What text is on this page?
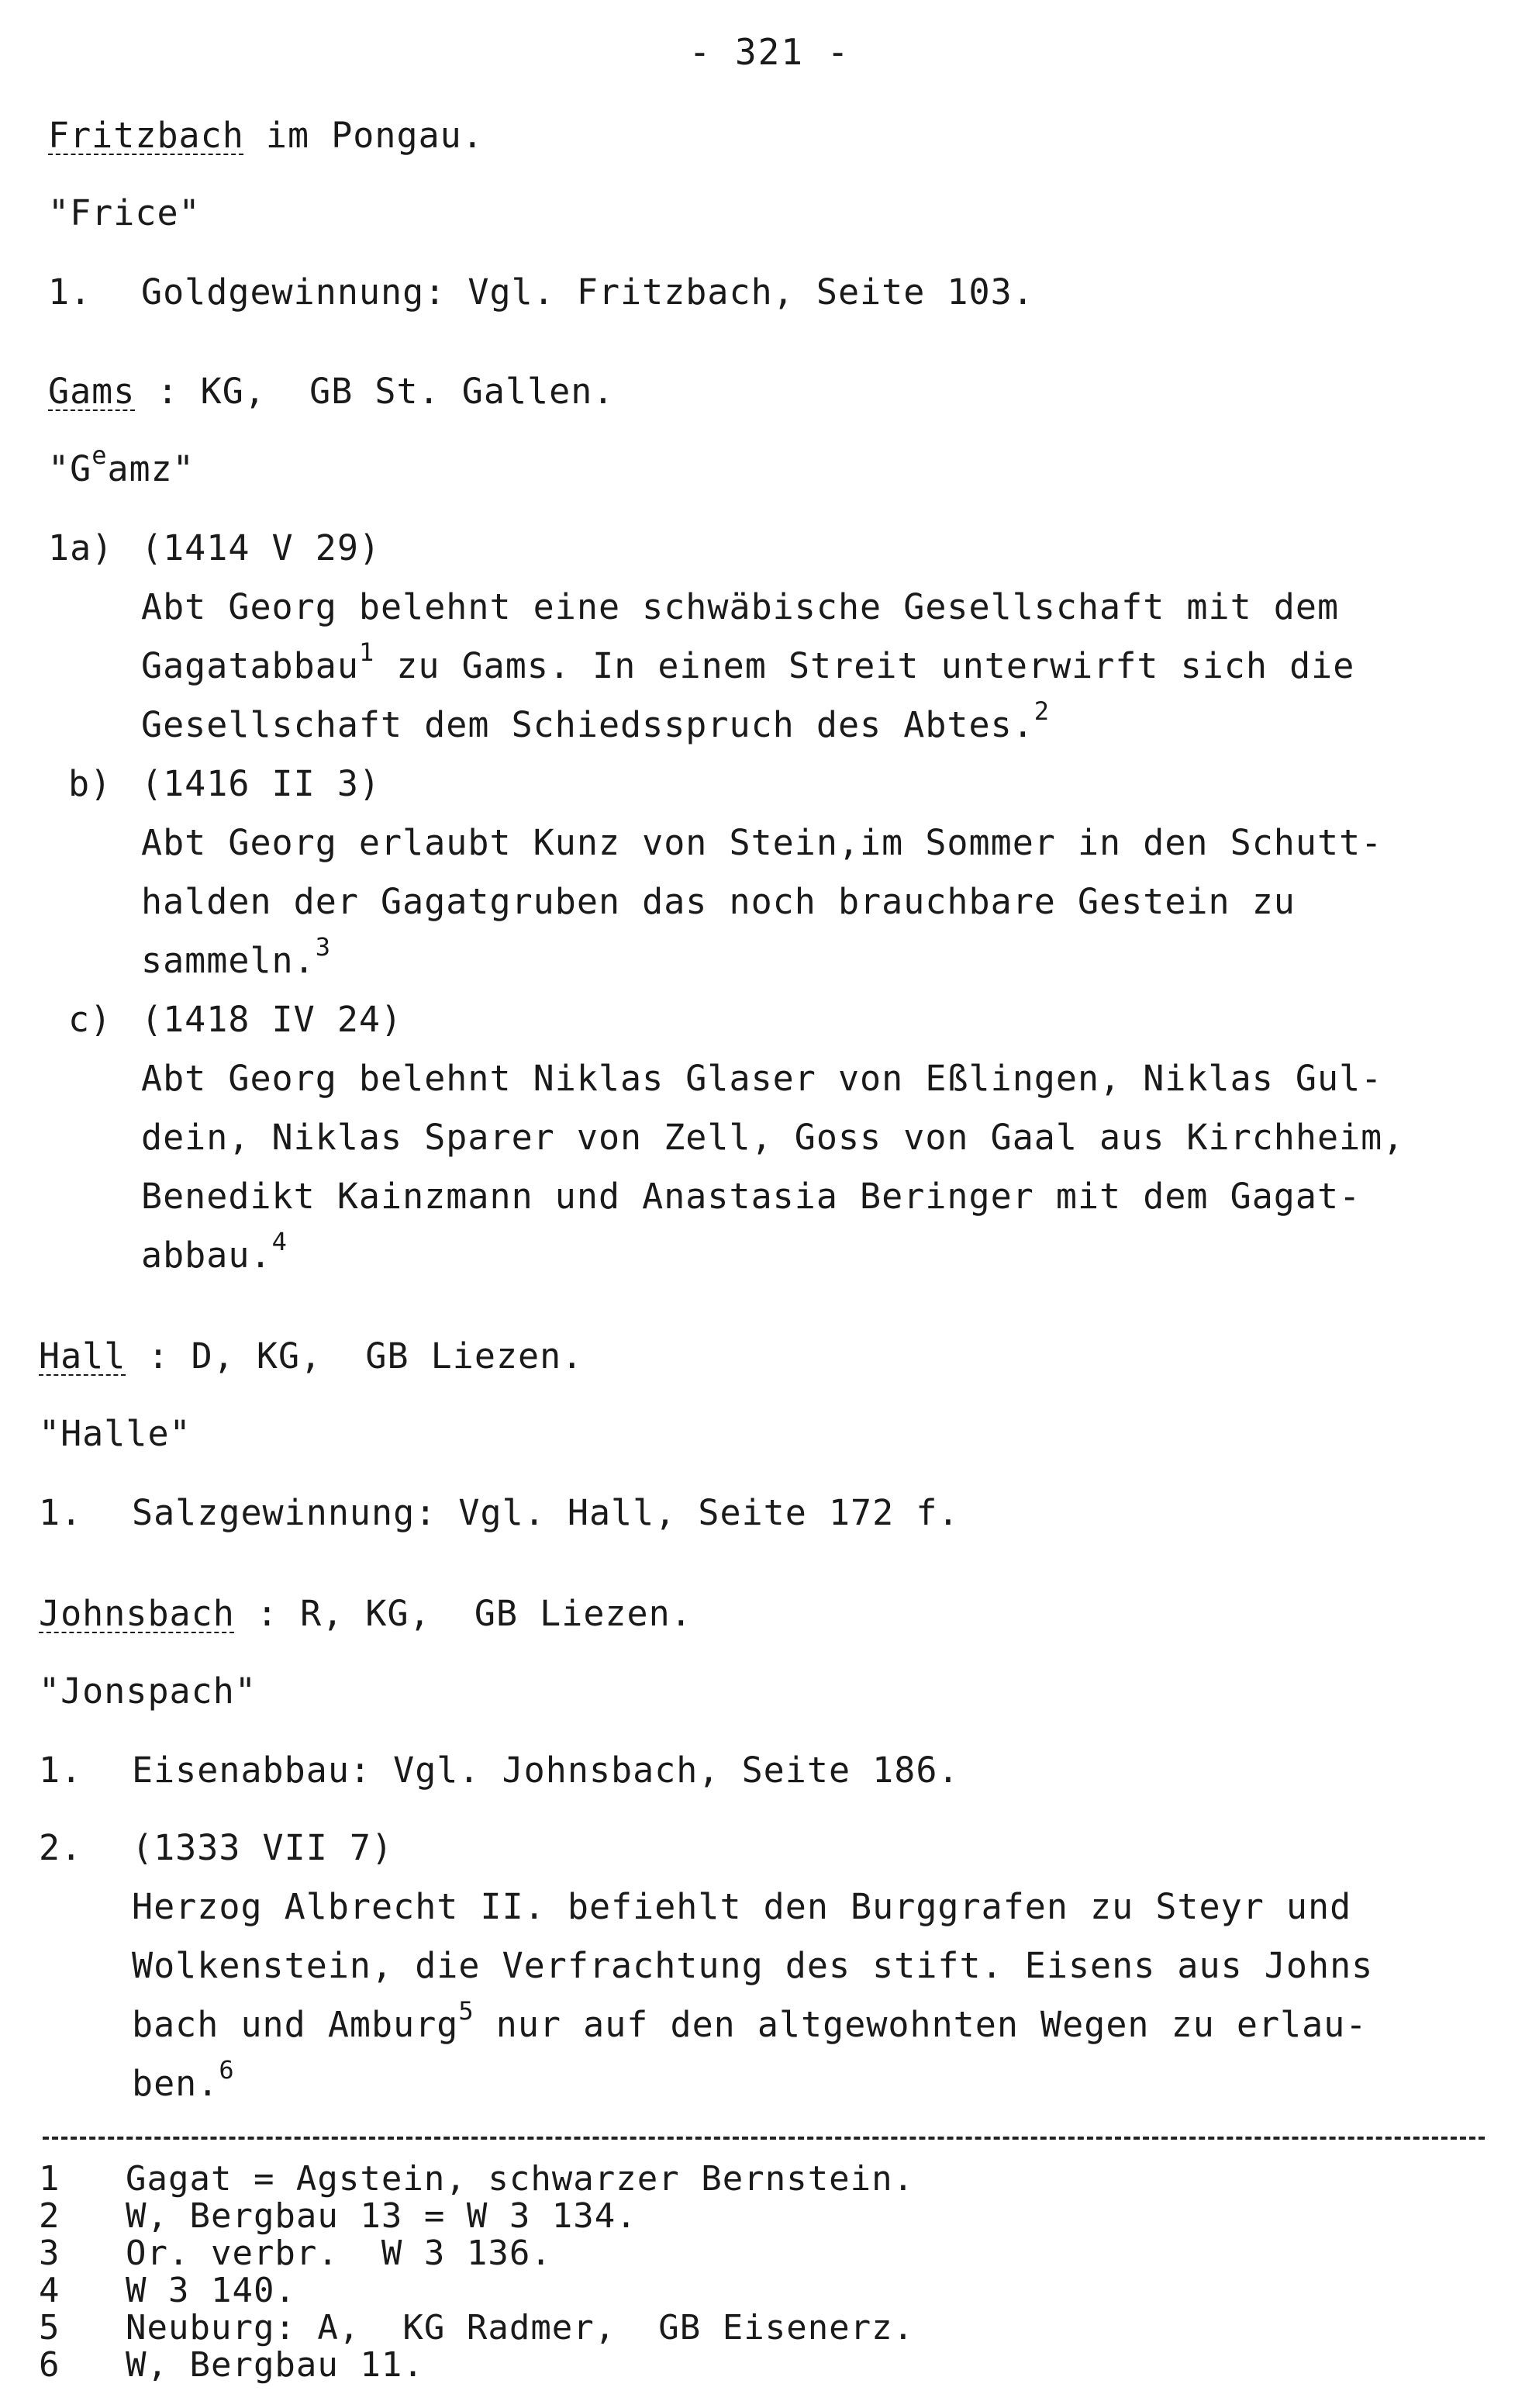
- 321 -
Fritzbach im Pongau.
"Frice"
1. Goldgewinnung: Vgl. Fritzbach, Seite 103.
Gams : KG,  GB St. Gallen.
"$G^eamz$"
1a) (1414 V 29)
Abt Georg belehnt eine schwäbische Gesellschaft mit dem
Gagatabbau$^1$ zu Gams. In einem Streit unterwirft sich die
Gesellschaft dem Schiedsspruch des Abtes.$^2$
b) (1416 II 3)
Abt Georg erlaubt Kunz von Stein,im Sommer in den Schutt-
halden der Gagatgruben das noch brauchbare Gestein zu
sammeln.$^3$
c) (1418 IV 24)
Abt Georg belehnt Niklas Glaser von Eßlingen, Niklas Gul-
dein, Niklas Sparer von Zell, Goss von Gaal aus Kirchheim,
Benedikt Kainzmann und Anastasia Beringer mit dem Gagat-
abbau.$^4$
Hall : D, KG,  GB Liezen.
"Halle"
1. Salzgewinnung: Vgl. Hall, Seite 172 f.
Johnsbach : R, KG,  GB Liezen.
"Jonspach"
1. Eisenabbau: Vgl. Johnsbach, Seite 186.
2. (1333 VII 7)
Herzog Albrecht II. befiehlt den Burggrafen zu Steyr und
Wolkenstein, die Verfrachtung des stift. Eisens aus Johns
bach und Amburg$^5$ nur auf den altgewohnten Wegen zu erlau-
ben.$^6$
1 Gagat = Agstein, schwarzer Bernstein.
2 W, Bergbau 13 = W 3 134.
3 Or. verbr.  W 3 136.
4 W 3 140.
5 Neuburg: A,  KG Radmer,  GB Eisenerz.
6 W, Bergbau 11.
